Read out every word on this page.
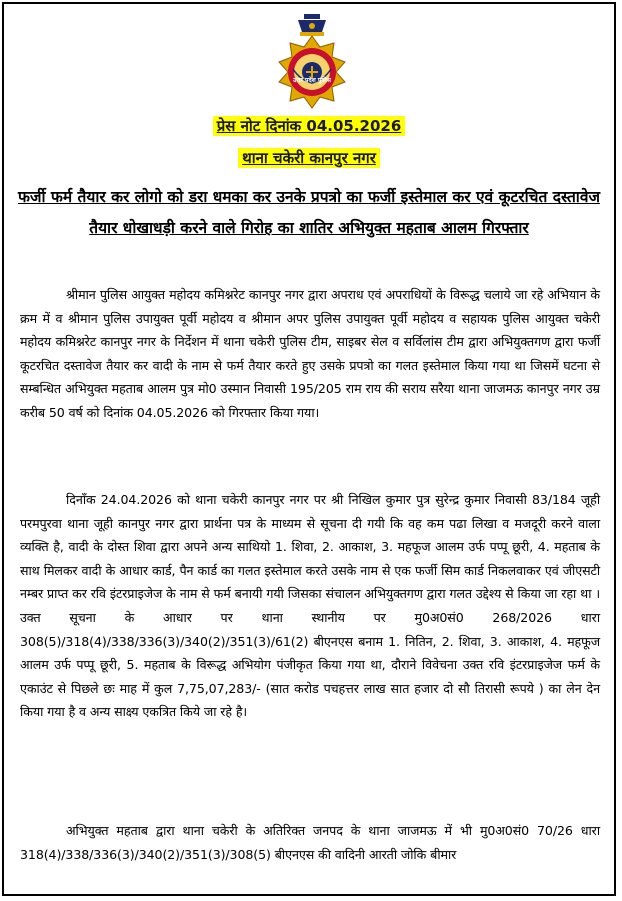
उत्तर प्रदेश पुलिस
प्रेस नोट दिनांक 04.05.2026
थाना चकेरी कानपुर नगर
फर्जी फर्म तैयार कर लोगो को डरा धमका कर उनके प्रपत्रो का फर्जी इस्तेमाल कर एवं कूटरचित दस्तावेज तैयार धोखाधड़ी करने वाले गिरोह का शातिर अभियुक्त महताब आलम गिरफ्तार

श्रीमान पुलिस आयुक्त महोदय कमिश्नरेट कानपुर नगर द्वारा अपराध एवं अपराधियों के विरूद्ध चलाये जा रहे अभियान के क्रम में व श्रीमान पुलिस उपायुक्त पूर्वी महोदय व श्रीमान अपर पुलिस उपायुक्त पूर्वी महोदय व सहायक पुलिस आयुक्त चकेरी महोदय कमिश्नरेट कानपुर नगर के निर्देशन में थाना चकेरी पुलिस टीम, साइबर सेल व सर्विलांस टीम द्वारा अभियुक्तगण द्वारा फर्जी कूटरचित दस्तावेज तैयार कर वादी के नाम से फर्म तैयार करते हुए उसके प्रपत्रो का गलत इस्तेमाल किया गया था जिसमें घटना से सम्बन्धित अभियुक्त महताब आलम पुत्र मो0 उस्मान निवासी 195/205 राम राय की सराय सरैया थाना जाजमऊ कानपुर नगर उम्र करीब 50 वर्ष को दिनांक 04.05.2026 को गिरफ्तार किया गया।

दिनाँक 24.04.2026 को थाना चकेरी कानपुर नगर पर श्री निखिल कुमार पुत्र सुरेन्द्र कुमार निवासी 83/184 जूही परमपुरवा थाना जूही कानपुर नगर द्वारा प्रार्थना पत्र के माध्यम से सूचना दी गयी कि वह कम पढा लिखा व मजदूरी करने वाला व्यक्ति है, वादी के दोस्त शिवा द्वारा अपने अन्य साथियो 1. शिवा, 2. आकाश, 3. महफूज आलम उर्फ पप्पू छूरी, 4. महताब के साथ मिलकर वादी के आधार कार्ड, पैन कार्ड का गलत इस्तेमाल करते उसके नाम से एक फर्जी सिम कार्ड निकलवाकर एवं जीएसटी नम्बर प्राप्त कर रवि इंटरप्राइजेज के नाम से फर्म बनायी गयी जिसका संचालन अभियुक्तगण द्वारा गलत उद्देश्य से किया जा रहा था । उक्त सूचना के आधार पर थाना स्थानीय पर मु0अ0सं0 268/2026 धारा 308(5)/318(4)/338/336(3)/340(2)/351(3)/61(2) बीएनएस बनाम 1. नितिन, 2. शिवा, 3. आकाश, 4. महफूज आलम उर्फ पप्पू छूरी, 5. महताब के विरूद्ध अभियोग पंजीकृत किया गया था, दौराने विवेचना उक्त रवि इंटरप्राइजेज फर्म के एकाउंट से पिछले छः माह में कुल 7,75,07,283/- (सात करोड पचहत्तर लाख सात हजार दो सौ तिरासी रूपये ) का लेन देन किया गया है व अन्य साक्ष्य एकत्रित किये जा रहे है।

अभियुक्त महताब द्वारा थाना चकेरी के अतिरिक्त जनपद के थाना जाजमऊ में भी मु0अ0सं0 70/26 धारा 318(4)/338/336(3)/340(2)/351(3)/308(5) बीएनएस की वादिनी आरती जोकि बीमार
